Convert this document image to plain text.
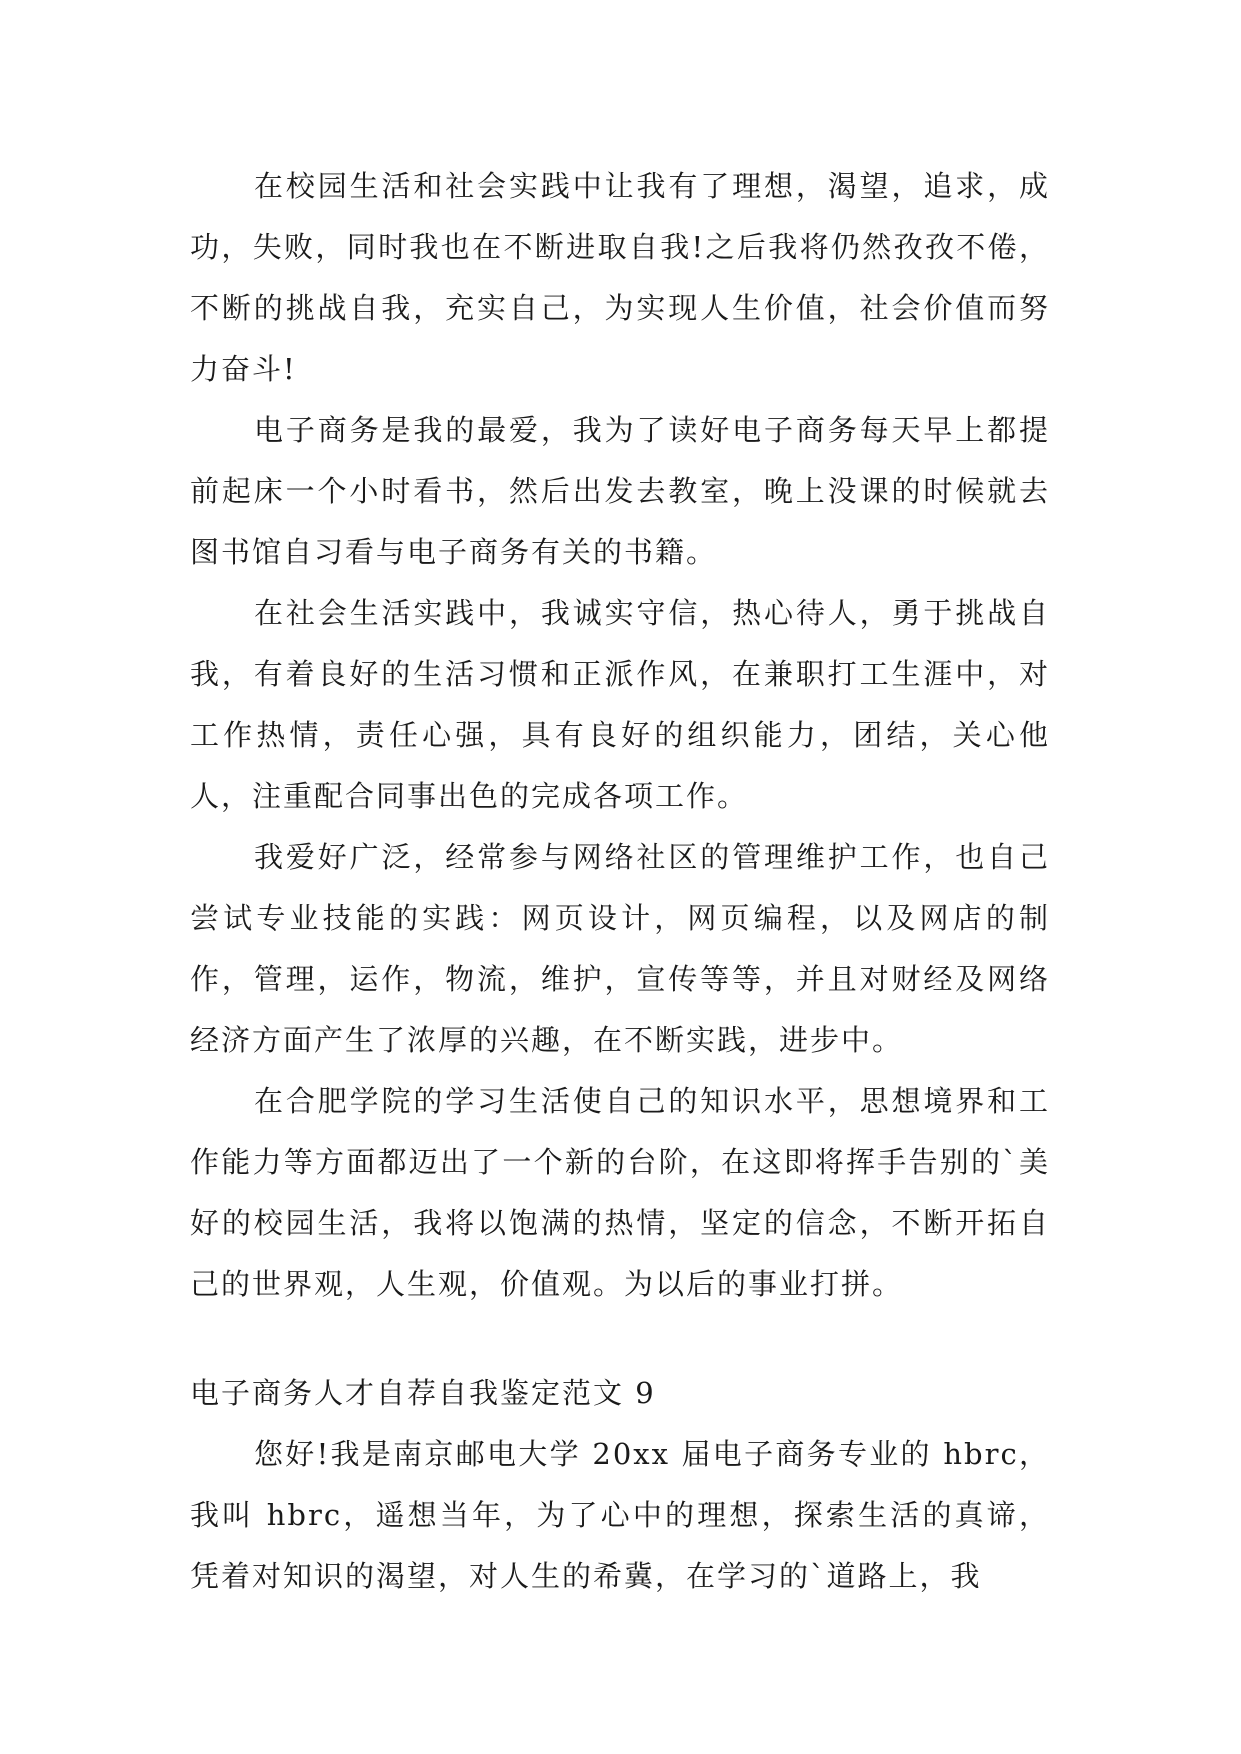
在校园生活和社会实践中让我有了理想，渴望，追求，成功，失败，同时我也在不断进取自我!之后我将仍然孜孜不倦，不断的挑战自我，充实自己，为实现人生价值，社会价值而努力奋斗!

电子商务是我的最爱，我为了读好电子商务每天早上都提前起床一个小时看书，然后出发去教室，晚上没课的时候就去图书馆自习看与电子商务有关的书籍。

在社会生活实践中，我诚实守信，热心待人，勇于挑战自我，有着良好的生活习惯和正派作风，在兼职打工生涯中，对工作热情，责任心强，具有良好的组织能力，团结，关心他人，注重配合同事出色的完成各项工作。

我爱好广泛，经常参与网络社区的管理维护工作，也自己尝试专业技能的实践：网页设计，网页编程，以及网店的制作，管理，运作，物流，维护，宣传等等，并且对财经及网络经济方面产生了浓厚的兴趣，在不断实践，进步中。

在合肥学院的学习生活使自己的知识水平，思想境界和工作能力等方面都迈出了一个新的台阶，在这即将挥手告别的`美好的校园生活，我将以饱满的热情，坚定的信念，不断开拓自己的世界观，人生观，价值观。为以后的事业打拼。

电子商务人才自荐自我鉴定范文 9

您好!我是南京邮电大学 20xx 届电子商务专业的 hbrc，我叫 hbrc，遥想当年，为了心中的理想，探索生活的真谛，凭着对知识的渴望，对人生的希冀，在学习的`道路上，我
